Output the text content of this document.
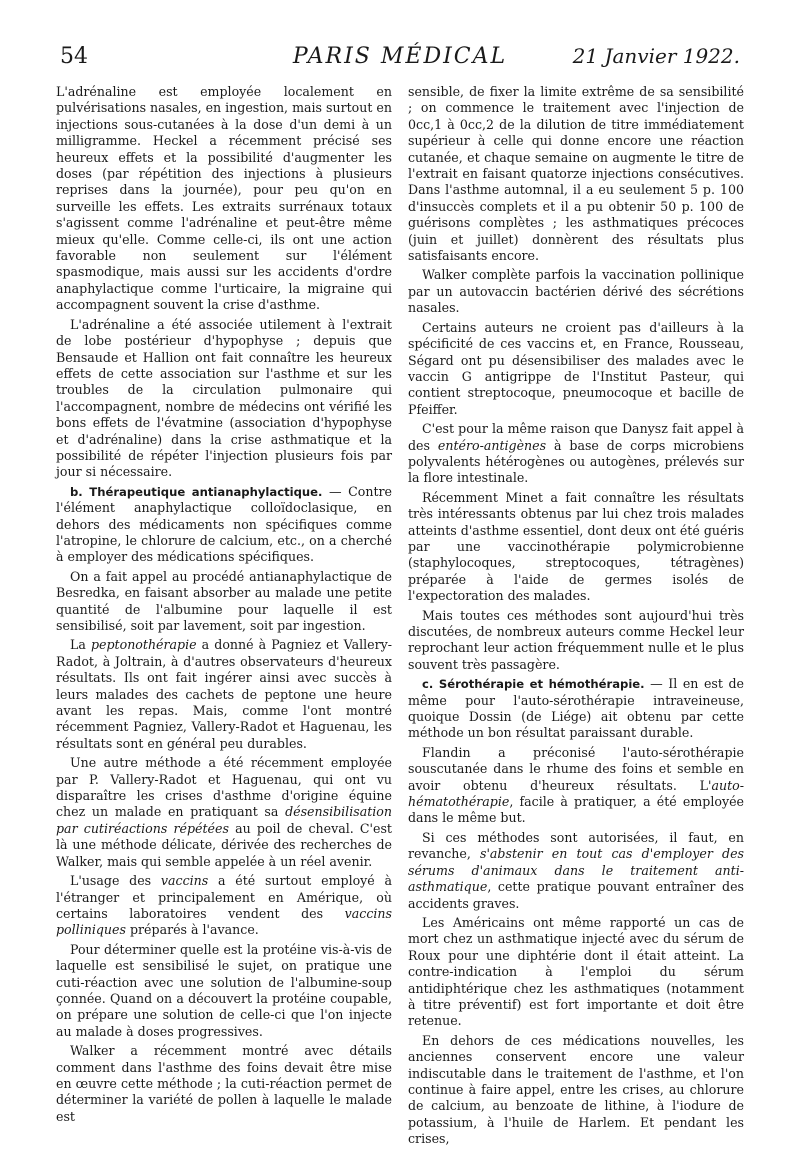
54	PARIS MÉDICAL	21 Janvier 1922.

L'adrénaline est employée localement en pulvérisations nasales, en ingestion, mais surtout en injections sous-cutanées à la dose d'un demi à un milligramme. Heckel a récemment précisé ses heureux effets et la possibilité d'augmenter les doses (par répétition des injections à plusieurs reprises dans la journée), pour peu qu'on en surveille les effets. Les extraits surrénaux totaux s'agissent comme l'adrénaline et peut-être même mieux qu'elle. Comme celle-ci, ils ont une action favorable non seulement sur l'élément spasmodique, mais aussi sur les accidents d'ordre anaphylactique comme l'urticaire, la migraine qui accompagnent souvent la crise d'asthme.

L'adrénaline a été associée utilement à l'extrait de lobe postérieur d'hypophyse ; depuis que Bensaude et Hallion ont fait connaître les heureux effets de cette association sur l'asthme et sur les troubles de la circulation pulmonaire qui l'accompagnent, nombre de médecins ont vérifié les bons effets de l'évatmine (association d'hypophyse et d'adrénaline) dans la crise asthmatique et la possibilité de répéter l'injection plusieurs fois par jour si nécessaire.

b. Thérapeutique antianaphylactique. — Contre l'élément anaphylactique colloïdoclasique, en dehors des médicaments non spécifiques comme l'atropine, le chlorure de calcium, etc., on a cherché à employer des médications spécifiques.

On a fait appel au procédé antianaphylactique de Besredka, en faisant absorber au malade une petite quantité de l'albumine pour laquelle il est sensibilisé, soit par lavement, soit par ingestion.

La peptonothérapie a donné à Pagniez et Vallery-Radot, à Joltrain, à d'autres observateurs d'heureux résultats. Ils ont fait ingérer ainsi avec succès à leurs malades des cachets de peptone une heure avant les repas. Mais, comme l'ont montré récemment Pagniez, Vallery-Radot et Haguenau, les résultats sont en général peu durables.

Une autre méthode a été récemment employée par P. Vallery-Radot et Haguenau, qui ont vu disparaître les crises d'asthme d'origine équine chez un malade en pratiquant sa désensibilisation par cutiréactions répétées au poil de cheval. C'est là une méthode délicate, dérivée des recherches de Walker, mais qui semble appelée à un réel avenir.

L'usage des vaccins a été surtout employé à l'étranger et principalement en Amérique, où certains laboratoires vendent des vaccins polliniques préparés à l'avance.

Pour déterminer quelle est la protéine vis-à-vis de laquelle est sensibilisé le sujet, on pratique une cuti-réaction avec une solution de l'albumine-soup çonnée. Quand on a découvert la protéine coupable, on prépare une solution de celle-ci que l'on injecte au malade à doses progressives.

Walker a récemment montré avec détails comment dans l'asthme des foins devait être mise en œuvre cette méthode ; la cuti-réaction permet de déterminer la variété de pollen à laquelle le malade est

sensible, de fixer la limite extrême de sa sensibilité ; on commence le traitement avec l'injection de 0cc,1 à 0cc,2 de la dilution de titre immédiatement supérieur à celle qui donne encore une réaction cutanée, et chaque semaine on augmente le titre de l'extrait en faisant quatorze injections consécutives. Dans l'asthme automnal, il a eu seulement 5 p. 100 d'insuccès complets et il a pu obtenir 50 p. 100 de guérisons complètes ; les asthmatiques précoces (juin et juillet) donnèrent des résultats plus satisfaisants encore.

Walker complète parfois la vaccination pollinique par un autovaccin bactérien dérivé des sécrétions nasales.

Certains auteurs ne croient pas d'ailleurs à la spécificité de ces vaccins et, en France, Rousseau, Ségard ont pu désensibiliser des malades avec le vaccin G antigrippe de l'Institut Pasteur, qui contient streptocoque, pneumocoque et bacille de Pfeiffer.

C'est pour la même raison que Danysz fait appel à des entéro-antigènes à base de corps microbiens polyvalents hétérogènes ou autogènes, prélevés sur la flore intestinale.

Récemment Minet a fait connaître les résultats très intéressants obtenus par lui chez trois malades atteints d'asthme essentiel, dont deux ont été guéris par une vaccinothérapie polymicrobienne (staphylocoques, streptocoques, tétragènes) préparée à l'aide de germes isolés de l'expectoration des malades.

Mais toutes ces méthodes sont aujourd'hui très discutées, de nombreux auteurs comme Heckel leur reprochant leur action fréquemment nulle et le plus souvent très passagère.

c. Sérothérapie et hémothérapie. — Il en est de même pour l'auto-sérothérapie intraveineuse, quoique Dossin (de Liége) ait obtenu par cette méthode un bon résultat paraissant durable.

Flandin a préconisé l'auto-sérothérapie souscutanée dans le rhume des foins et semble en avoir obtenu d'heureux résultats. L'auto-hématothérapie, facile à pratiquer, a été employée dans le même but.

Si ces méthodes sont autorisées, il faut, en revanche, s'abstenir en tout cas d'employer des sérums d'animaux dans le traitement anti-asthmatique, cette pratique pouvant entraîner des accidents graves.

Les Américains ont même rapporté un cas de mort chez un asthmatique injecté avec du sérum de Roux pour une diphtérie dont il était atteint. La contre-indication à l'emploi du sérum antidiphtérique chez les asthmatiques (notamment à titre préventif) est fort importante et doit être retenue.

En dehors de ces médications nouvelles, les anciennes conservent encore une valeur indiscutable dans le traitement de l'asthme, et l'on continue à faire appel, entre les crises, au chlorure de calcium, au benzoate de lithine, à l'iodure de potassium, à l'huile de Harlem. Et pendant les crises,
